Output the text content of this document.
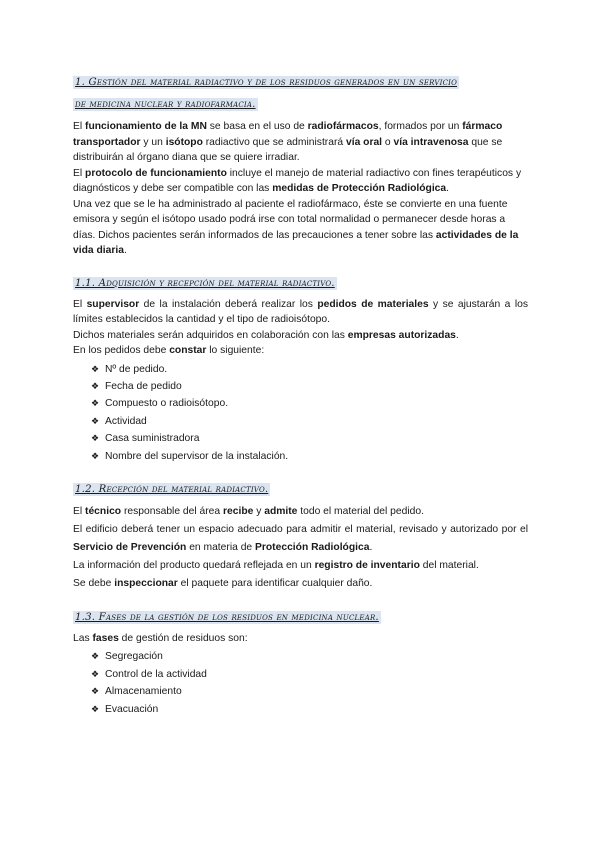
1. Gestión del material radiactivo y de los residuos generados en un servicio
de medicina nuclear y radiofarmacia.

El funcionamiento de la MN se basa en el uso de radiofármacos, formados por un fármaco transportador y un isótopo radiactivo que se administrará vía oral o vía intravenosa que se distribuirán al órgano diana que se quiere irradiar.

El protocolo de funcionamiento incluye el manejo de material radiactivo con fines terapéuticos y diagnósticos y debe ser compatible con las medidas de Protección Radiológica.

Una vez que se le ha administrado al paciente el radiofármaco, éste se convierte en una fuente emisora y según el isótopo usado podrá irse con total normalidad o permanecer desde horas a días. Dichos pacientes serán informados de las precauciones a tener sobre las actividades de la vida diaria.

1.1. Adquisición y recepción del material radiactivo.

El supervisor de la instalación deberá realizar los pedidos de materiales y se ajustarán a los límites establecidos la cantidad y el tipo de radioisótopo.

Dichos materiales serán adquiridos en colaboración con las empresas autorizadas.

En los pedidos debe constar lo siguiente:

❖ Nº de pedido.
❖ Fecha de pedido
❖ Compuesto o radioisótopo.
❖ Actividad
❖ Casa suministradora
❖ Nombre del supervisor de la instalación.
1.2. Recepción del material radiactivo.

El técnico responsable del área recibe y admite todo el material del pedido.

El edificio deberá tener un espacio adecuado para admitir el material, revisado y autorizado por el Servicio de Prevención en materia de Protección Radiológica.

La información del producto quedará reflejada en un registro de inventario del material.

Se debe inspeccionar el paquete para identificar cualquier daño.

1.3. Fases de la gestión de los residuos en medicina nuclear.

Las fases de gestión de residuos son:

❖ Segregación
❖ Control de la actividad
❖ Almacenamiento
❖ Evacuación
